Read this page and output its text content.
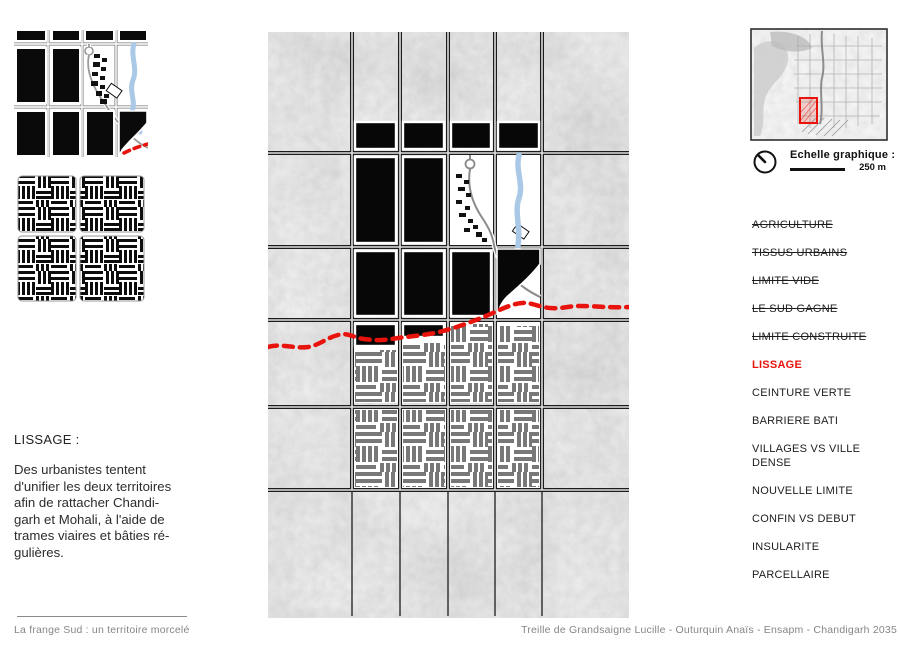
Echelle graphique :
250 m
AGRICULTURE
TISSUS URBAINS
LIMITE VIDE
LE SUD GAGNE
LIMITE CONSTRUITE
LISSAGE
CEINTURE VERTE
BARRIERE BATI
VILLAGES VS VILLE DENSE
NOUVELLE LIMITE
CONFIN VS DEBUT
INSULARITE
PARCELLAIRE
LISSAGE :
Des urbanistes tentent
d'unifier les deux territoires
afin de rattacher Chandi-
garh et Mohali, à l'aide de
trames viaires et bâties ré-
gulières.
La frange Sud : un territoire morcelé	Treille de Grandsaigne Lucille - Outurquin Anaïs - Ensapm - Chandigarh 2035
